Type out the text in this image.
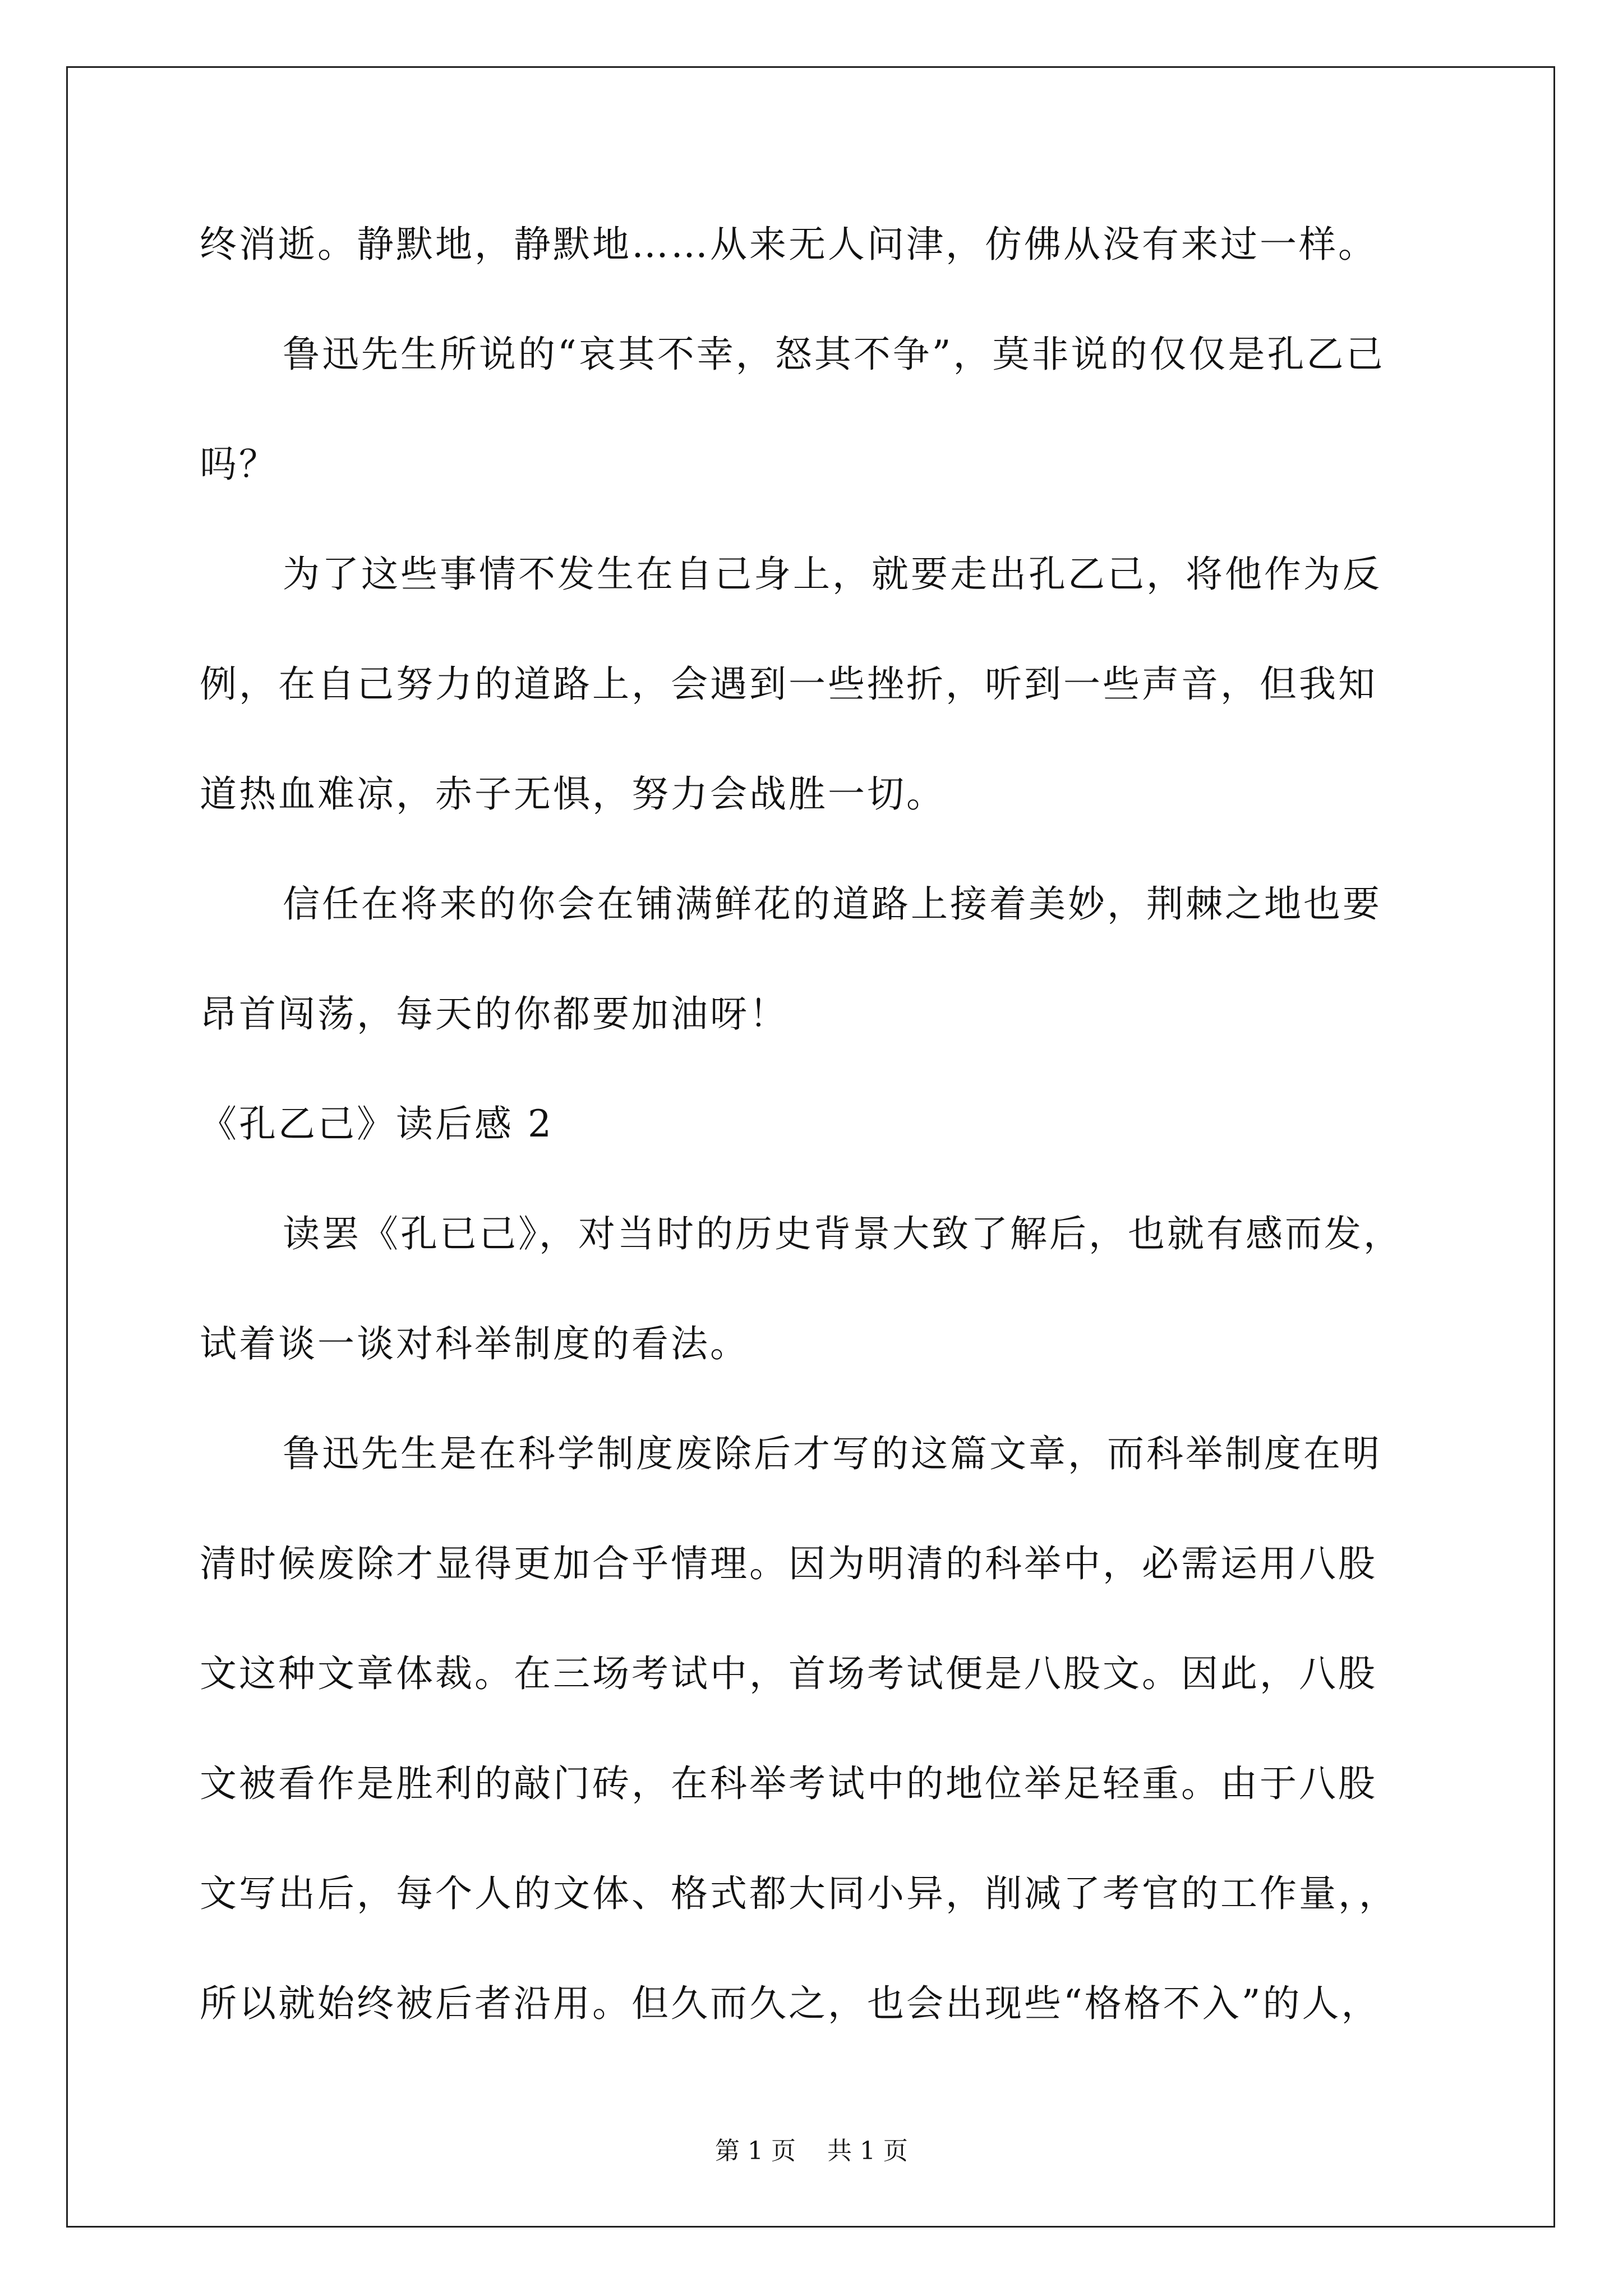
终消逝。静默地，静默地……从来无人问津，仿佛从没有来过一样。
鲁迅先生所说的“哀其不幸，怒其不争”，莫非说的仅仅是孔乙己
吗？
为了这些事情不发生在自己身上，就要走出孔乙己，将他作为反
例，在自己努力的道路上，会遇到一些挫折，听到一些声音，但我知
道热血难凉，赤子无惧，努力会战胜一切。
信任在将来的你会在铺满鲜花的道路上接着美妙，荆棘之地也要
昂首闯荡，每天的你都要加油呀！
《孔乙己》读后感 2
读罢《孔已己》，对当时的历史背景大致了解后，也就有感而发，
试着谈一谈对科举制度的看法。
鲁迅先生是在科学制度废除后才写的这篇文章，而科举制度在明
清时候废除才显得更加合乎情理。因为明清的科举中，必需运用八股
文这种文章体裁。在三场考试中，首场考试便是八股文。因此，八股
文被看作是胜利的敲门砖，在科举考试中的地位举足轻重。由于八股
文写出后，每个人的文体、格式都大同小异，削减了考官的工作量，，
所以就始终被后者沿用。但久而久之，也会出现些“格格不入”的人，
第 1 页    共 1 页
